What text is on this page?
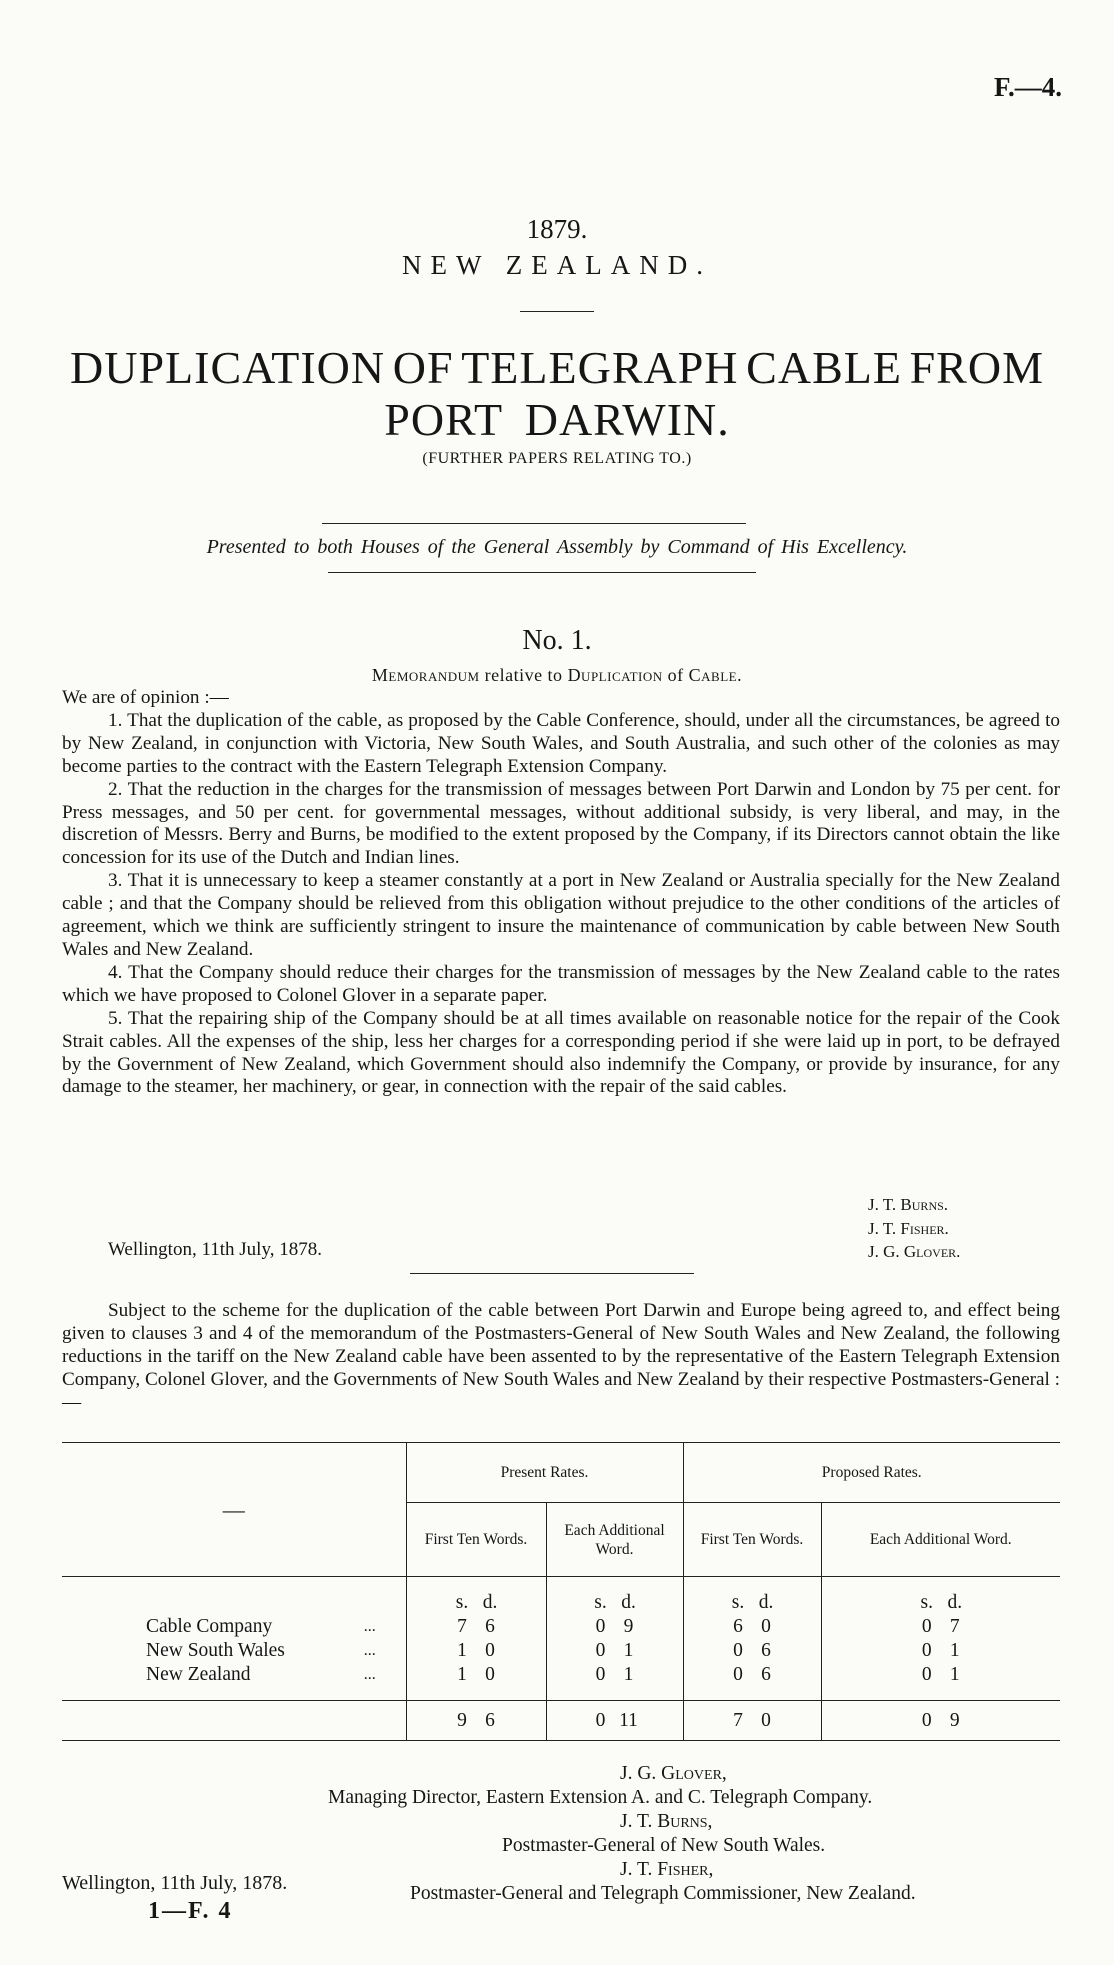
F.—4.
1879.
NEW ZEALAND.
DUPLICATION OF TELEGRAPH CABLE FROM
PORT DARWIN.
(FURTHER PAPERS RELATING TO.)
Presented to both Houses of the General Assembly by Command of His Excellency.
No. 1.
Memorandum relative to Duplication of Cable.

We are of opinion :—

1. That the duplication of the cable, as proposed by the Cable Conference, should, under all the circumstances, be agreed to by New Zealand, in conjunction with Victoria, New South Wales, and South Australia, and such other of the colonies as may become parties to the contract with the Eastern Telegraph Extension Company.

2. That the reduction in the charges for the transmission of messages between Port Darwin and London by 75 per cent. for Press messages, and 50 per cent. for governmental messages, without additional subsidy, is very liberal, and may, in the discretion of Messrs. Berry and Burns, be modified to the extent proposed by the Company, if its Directors cannot obtain the like concession for its use of the Dutch and Indian lines.

3. That it is unnecessary to keep a steamer constantly at a port in New Zealand or Australia specially for the New Zealand cable ; and that the Company should be relieved from this obligation without prejudice to the other conditions of the articles of agreement, which we think are sufficiently stringent to insure the maintenance of communication by cable between New South Wales and New Zealand.

4. That the Company should reduce their charges for the transmission of messages by the New Zealand cable to the rates which we have proposed to Colonel Glover in a separate paper.

5. That the repairing ship of the Company should be at all times available on reasonable notice for the repair of the Cook Strait cables. All the expenses of the ship, less her charges for a corresponding period if she were laid up in port, to be defrayed by the Government of New Zealand, which Government should also indemnify the Company, or provide by insurance, for any damage to the steamer, her machinery, or gear, in connection with the repair of the said cables.

J. T. Burns.
J. T. Fisher.
J. G. Glover.
Wellington, 11th July, 1878.

Subject to the scheme for the duplication of the cable between Port Darwin and Europe being agreed to, and effect being given to clauses 3 and 4 of the memorandum of the Postmasters-General of New South Wales and New Zealand, the following reductions in the tariff on the New Zealand cable have been assented to by the representative of the Eastern Telegraph Extension Company, Colonel Glover, and the Governments of New South Wales and New Zealand by their respective Postmasters-General :—

—		Present Rates.		Proposed Rates.	
		First Ten Words.	Each Additional Word.	First Ten Words.	Each Additional Word.
		s. d.	s. d.	s. d.	s. d.
Cable Company	...	7 6	0 9	6 0	0 7
New South Wales	...	1 0	0 1	0 6	0 1
New Zealand	...	1 0	0 1	0 6	0 1

		9 6	0 11	7 0	0 9
J. G. Glover,
Managing Director, Eastern Extension A. and C. Telegraph Company.
J. T. Burns,
Postmaster-General of New South Wales.
J. T. Fisher,
Postmaster-General and Telegraph Commissioner, New Zealand.
Wellington, 11th July, 1878.
1—F. 4
